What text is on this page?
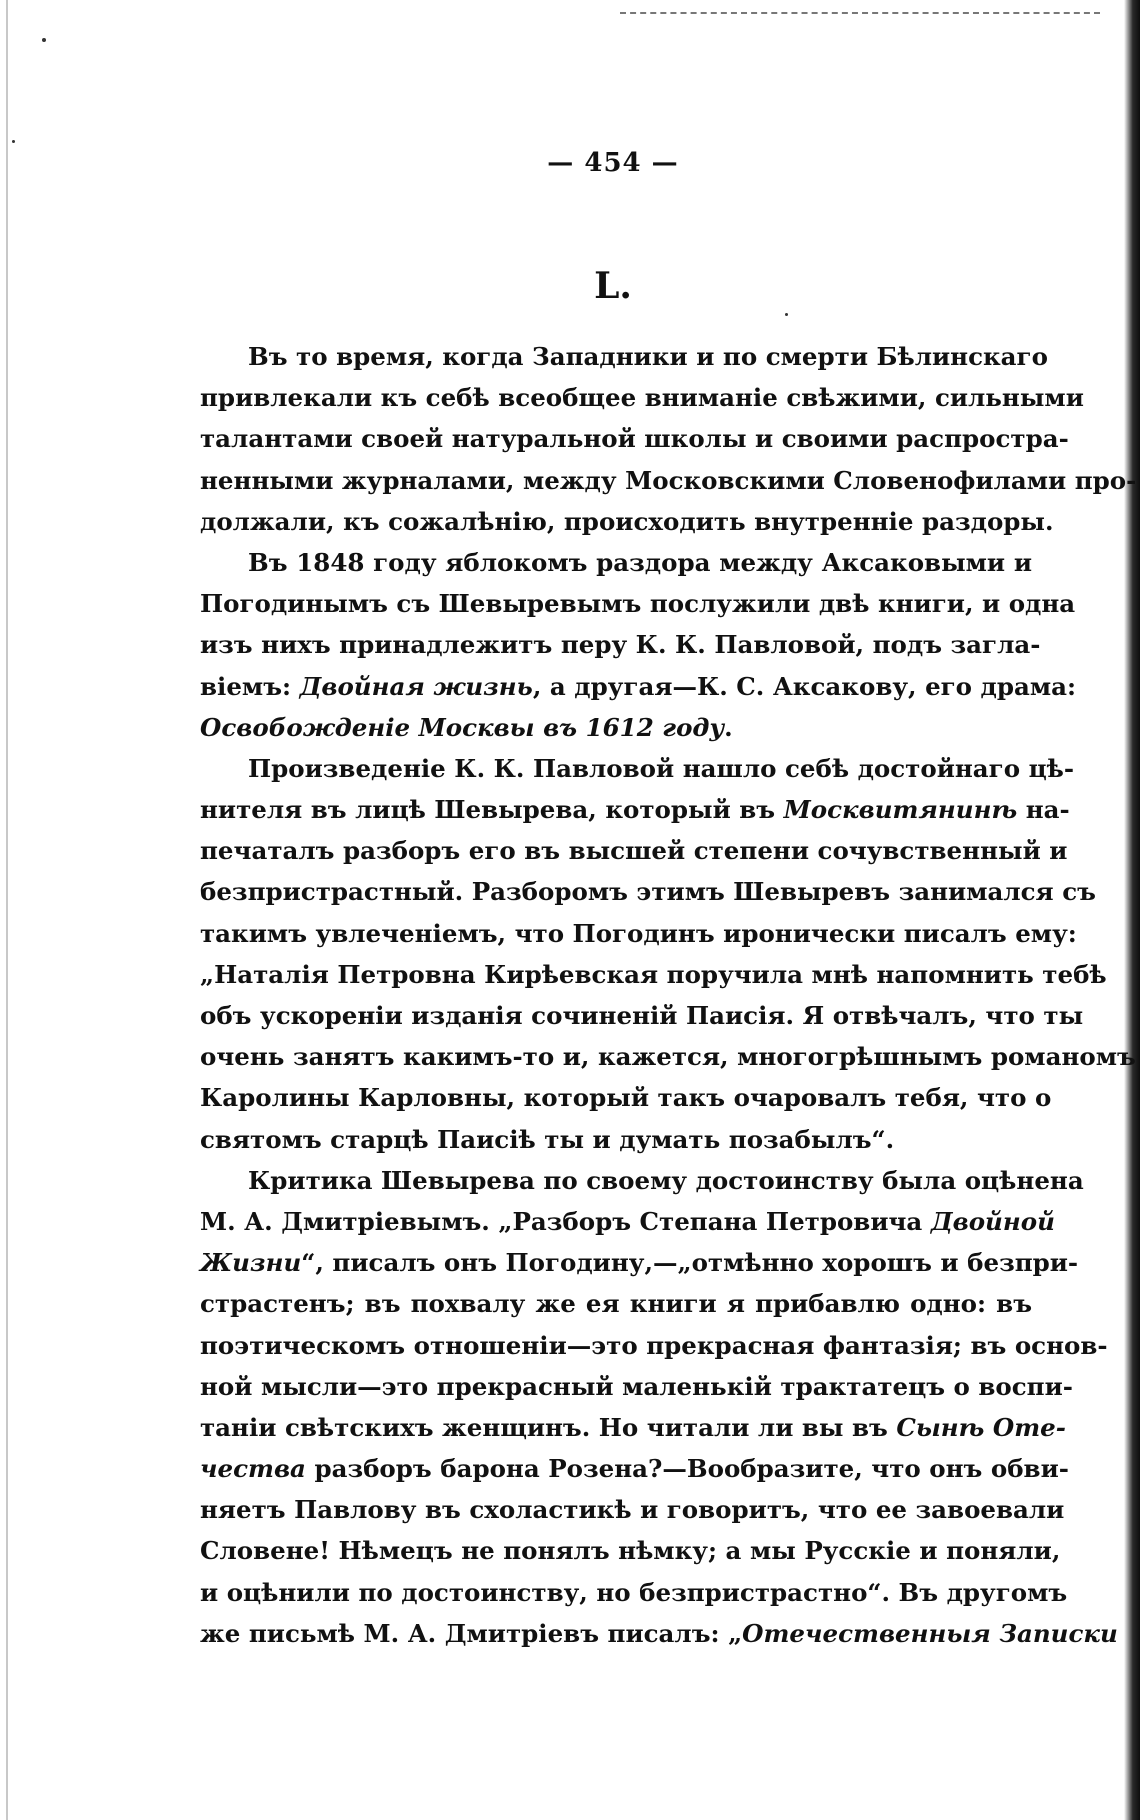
— 454 —
L.
Въ то время, когда Западники и по смерти Бѣлинскаго
привлекали къ себѣ всеобщее вниманіе свѣжими, сильными
талантами своей натуральной школы и своими распростра-
ненными журналами, между Московскими Словенофилами про-
должали, къ сожалѣнію, происходить внутренніе раздоры.
Въ 1848 году яблокомъ раздора между Аксаковыми и
Погодинымъ съ Шевыревымъ послужили двѣ книги, и одна
изъ нихъ принадлежитъ перу К. К. Павловой, подъ загла-
віемъ: Двойная жизнь, а другая—К. С. Аксакову, его драма:
Освобожденіе Москвы въ 1612 году.
Произведеніе К. К. Павловой нашло себѣ достойнаго цѣ-
нителя въ лицѣ Шевырева, который въ Москвитянинѣ на-
печаталъ разборъ его въ высшей степени сочувственный и
безпристрастный. Разборомъ этимъ Шевыревъ занимался съ
такимъ увлеченіемъ, что Погодинъ иронически писалъ ему:
„Наталія Петровна Кирѣевская поручила мнѣ напомнить тебѣ
объ ускореніи изданія сочиненій Паисія. Я отвѣчалъ, что ты
очень занятъ какимъ-то и, кажется, многогрѣшнымъ романомъ
Каролины Карловны, который такъ очаровалъ тебя, что о
святомъ старцѣ Паисіѣ ты и думать позабылъ“.
Критика Шевырева по своему достоинству была оцѣнена
М. А. Дмитріевымъ. „Разборъ Степана Петровича Двойной
Жизни“, писалъ онъ Погодину,—„отмѣнно хорошъ и безпри-
страстенъ; въ похвалу же ея книги я прибавлю одно: въ
поэтическомъ отношеніи—это прекрасная фантазія; въ основ-
ной мысли—это прекрасный маленькій трактатецъ о воспи-
таніи свѣтскихъ женщинъ. Но читали ли вы въ Сынѣ Оте-
чества разборъ барона Розена?—Вообразите, что онъ обви-
няетъ Павлову въ схоластикѣ и говоритъ, что ее завоевали
Словене! Нѣмецъ не понялъ нѣмку; а мы Русскіе и поняли,
и оцѣнили по достоинству, но безпристрастно“. Въ другомъ
же письмѣ М. А. Дмитріевъ писалъ: „Отечественныя Записки
